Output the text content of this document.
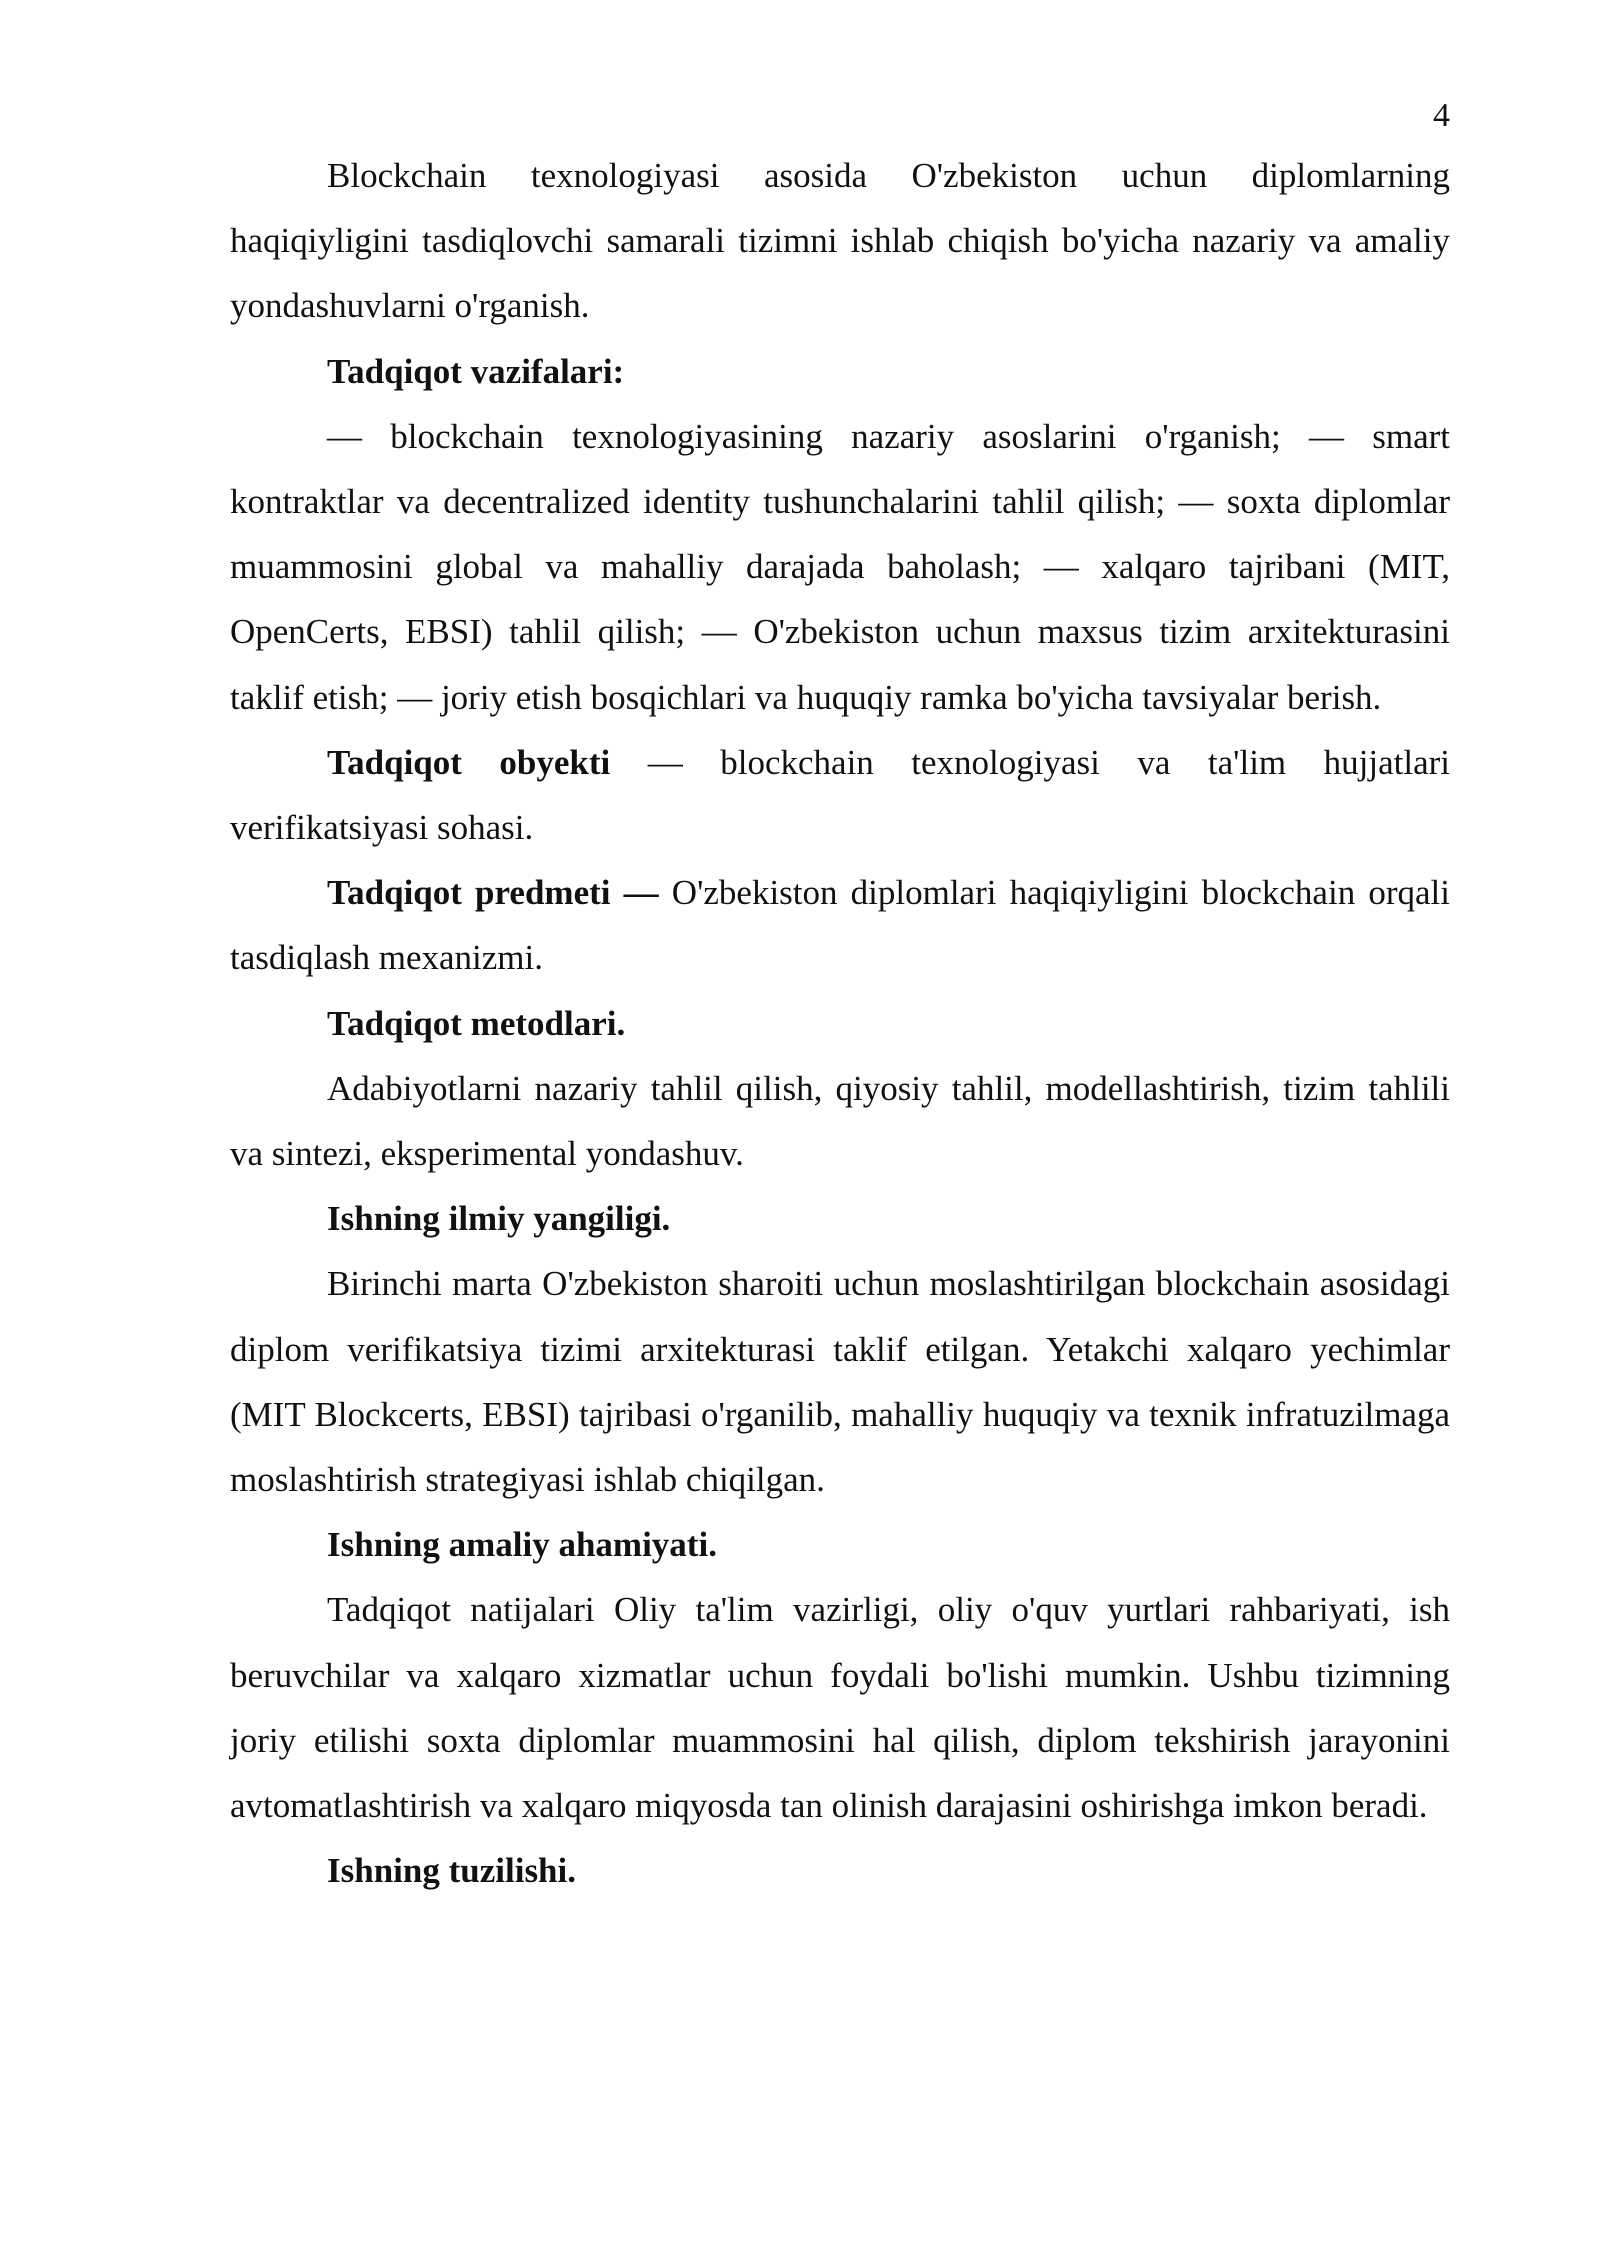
4

Blockchain texnologiyasi asosida O'zbekiston uchun diplomlarning haqiqiyligini tasdiqlovchi samarali tizimni ishlab chiqish bo'yicha nazariy va amaliy yondashuvlarni o'rganish.

Tadqiqot vazifalari:

— blockchain texnologiyasining nazariy asoslarini o'rganish; — smart kontraktlar va decentralized identity tushunchalarini tahlil qilish; — soxta diplomlar muammosini global va mahalliy darajada baholash; — xalqaro tajribani (MIT, OpenCerts, EBSI) tahlil qilish; — O'zbekiston uchun maxsus tizim arxitekturasini taklif etish; — joriy etish bosqichlari va huquqiy ramka bo'yicha tavsiyalar berish.

Tadqiqot obyekti — blockchain texnologiyasi va ta'lim hujjatlari verifikatsiyasi sohasi.

Tadqiqot predmeti — O'zbekiston diplomlari haqiqiyligini blockchain orqali tasdiqlash mexanizmi.

Tadqiqot metodlari.

Adabiyotlarni nazariy tahlil qilish, qiyosiy tahlil, modellashtirish, tizim tahlili va sintezi, eksperimental yondashuv.

Ishning ilmiy yangiligi.

Birinchi marta O'zbekiston sharoiti uchun moslashtirilgan blockchain asosidagi diplom verifikatsiya tizimi arxitekturasi taklif etilgan. Yetakchi xalqaro yechimlar (MIT Blockcerts, EBSI) tajribasi o'rganilib, mahalliy huquqiy va texnik infratuzilmaga moslashtirish strategiyasi ishlab chiqilgan.

Ishning amaliy ahamiyati.

Tadqiqot natijalari Oliy ta'lim vazirligi, oliy o'quv yurtlari rahbariyati, ish beruvchilar va xalqaro xizmatlar uchun foydali bo'lishi mumkin. Ushbu tizimning joriy etilishi soxta diplomlar muammosini hal qilish, diplom tekshirish jarayonini avtomatlashtirish va xalqaro miqyosda tan olinish darajasini oshirishga imkon beradi.

Ishning tuzilishi.
